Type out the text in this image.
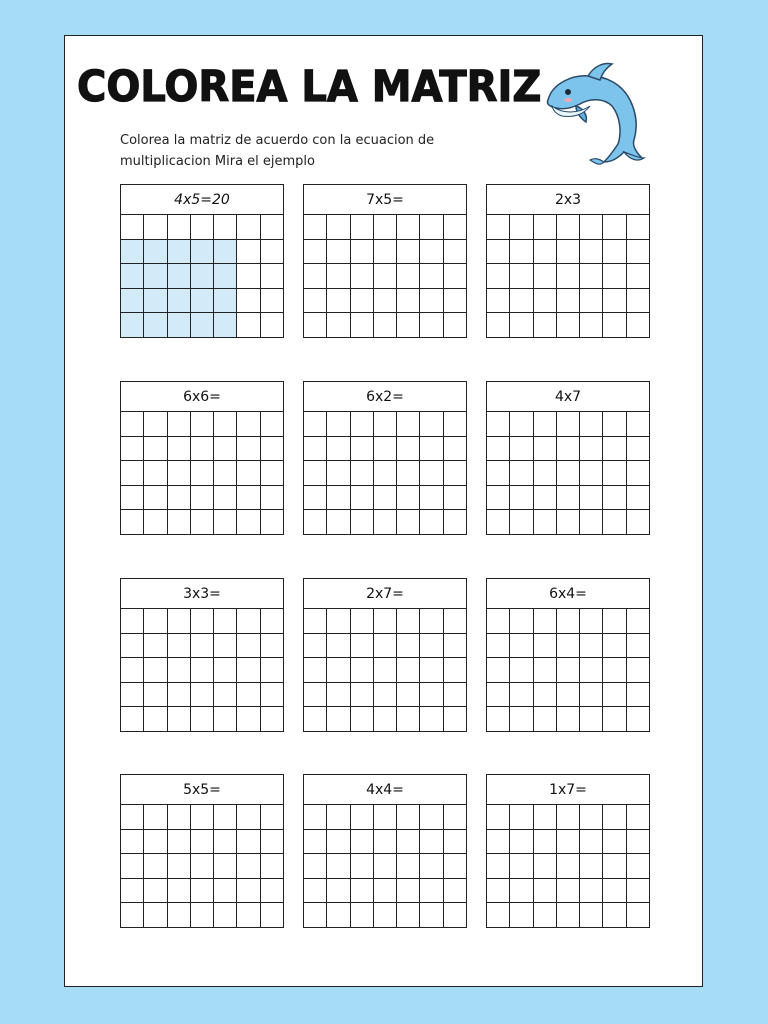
COLOREA LA MATRIZ

Colorea la matriz de acuerdo con la ecuacion de multiplicacion Mira el ejemplo

4x5=20	7x5=	2x3
6x6=	6x2=	4x7
3x3=	2x7=	6x4=
5x5=	4x4=	1x7=
